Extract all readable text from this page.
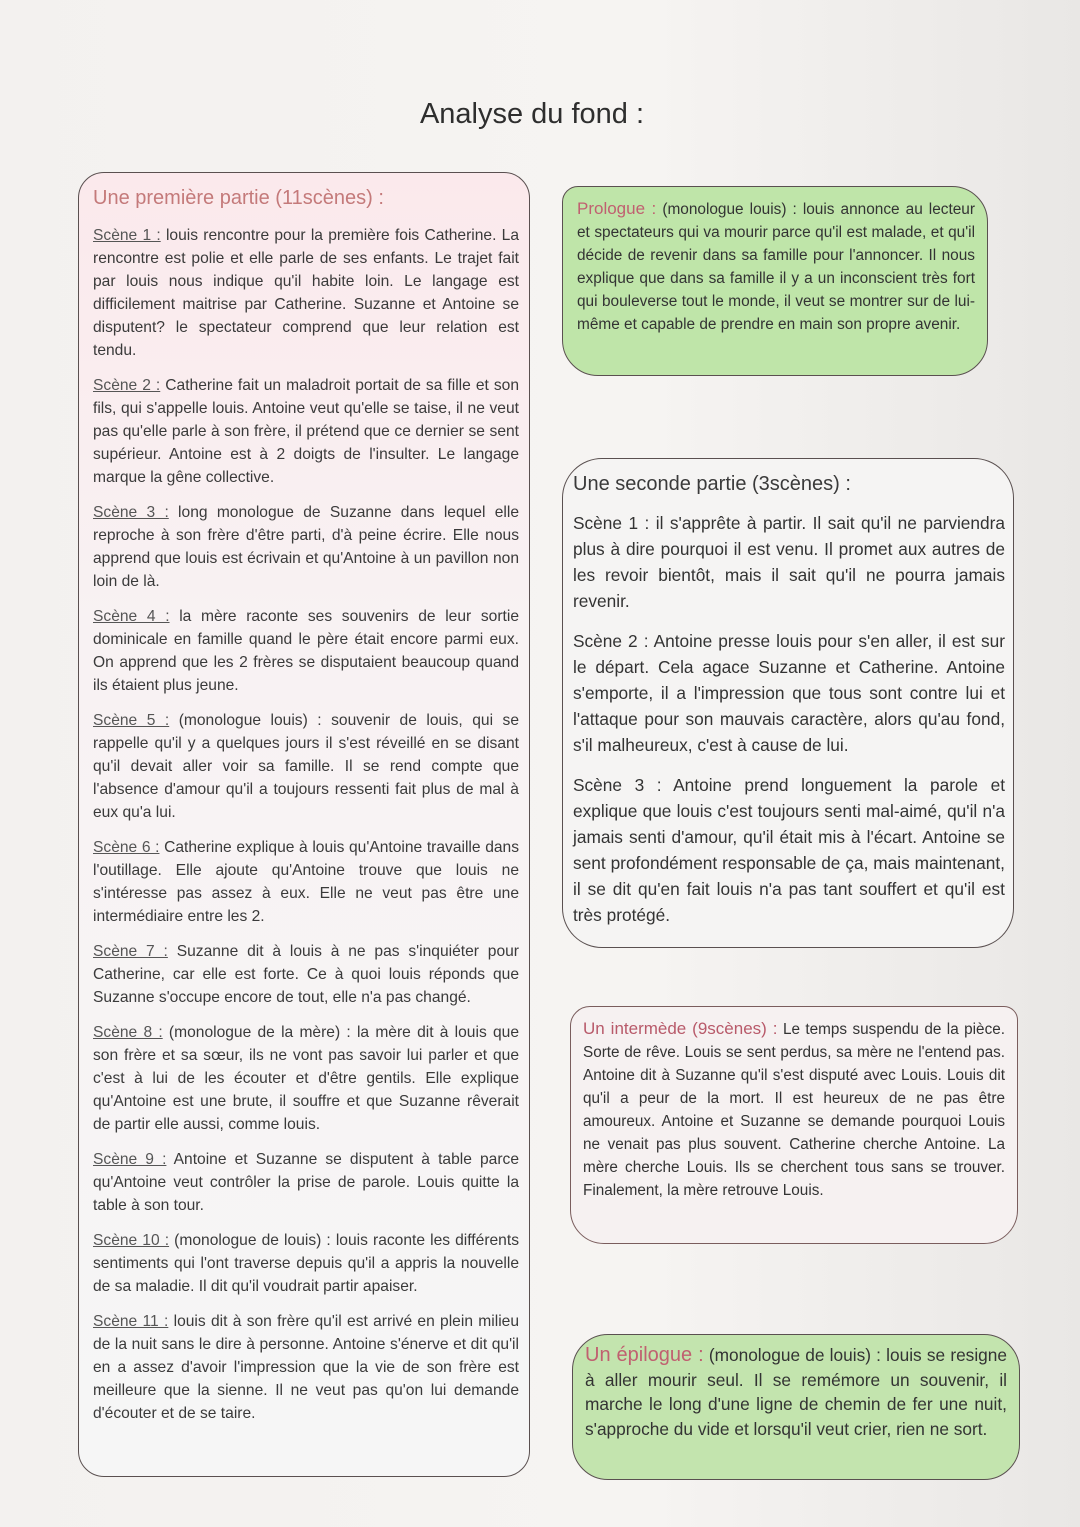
Analyse du fond :
Une première partie (11scènes) :

Scène 1 : louis rencontre pour la première fois Catherine. La rencontre est polie et elle parle de ses enfants. Le trajet fait par louis nous indique qu'il habite loin. Le langage est difficilement maitrise par Catherine. Suzanne et Antoine se disputent? le spectateur comprend que leur relation est tendu.

Scène 2 : Catherine fait un maladroit portait de sa fille et son fils, qui s'appelle louis. Antoine veut qu'elle se taise, il ne veut pas qu'elle parle à son frère, il prétend que ce dernier se sent supérieur. Antoine est à 2 doigts de l'insulter. Le langage marque la gêne collective.

Scène 3 : long monologue de Suzanne dans lequel elle reproche à son frère d'être parti, d'à peine écrire. Elle nous apprend que louis est écrivain et qu'Antoine à un pavillon non loin de là.

Scène 4 : la mère raconte ses souvenirs de leur sortie dominicale en famille quand le père était encore parmi eux. On apprend que les 2 frères se disputaient beaucoup quand ils étaient plus jeune.

Scène 5 : (monologue louis) : souvenir de louis, qui se rappelle qu'il y a quelques jours il s'est réveillé en se disant qu'il devait aller voir sa famille. Il se rend compte que l'absence d'amour qu'il a toujours ressenti fait plus de mal à eux qu'a lui.

Scène 6 : Catherine explique à louis qu'Antoine travaille dans l'outillage. Elle ajoute qu'Antoine trouve que louis ne s'intéresse pas assez à eux. Elle ne veut pas être une intermédiaire entre les 2.

Scène 7 : Suzanne dit à louis à ne pas s'inquiéter pour Catherine, car elle est forte. Ce à quoi louis réponds que Suzanne s'occupe encore de tout, elle n'a pas changé.

Scène 8 : (monologue de la mère) : la mère dit à louis que son frère et sa sœur, ils ne vont pas savoir lui parler et que c'est à lui de les écouter et d'être gentils. Elle explique qu'Antoine est une brute, il souffre et que Suzanne rêverait de partir elle aussi, comme louis.

Scène 9 : Antoine et Suzanne se disputent à table parce qu'Antoine veut contrôler la prise de parole. Louis quitte la table à son tour.

Scène 10 : (monologue de louis) : louis raconte les différents sentiments qui l'ont traverse depuis qu'il a appris la nouvelle de sa maladie. Il dit qu'il voudrait partir apaiser.

Scène 11 : louis dit à son frère qu'il est arrivé en plein milieu de la nuit sans le dire à personne. Antoine s'énerve et dit qu'il en a assez d'avoir l'impression que la vie de son frère est meilleure que la sienne. Il ne veut pas qu'on lui demande d'écouter et de se taire.

Prologue : (monologue louis) : louis annonce au lecteur et spectateurs qui va mourir parce qu'il est malade, et qu'il décide de revenir dans sa famille pour l'annoncer. Il nous explique que dans sa famille il y a un inconscient très fort qui bouleverse tout le monde, il veut se montrer sur de lui-même et capable de prendre en main son propre avenir.

Une seconde partie (3scènes) :

Scène 1 : il s'apprête à partir. Il sait qu'il ne parviendra plus à dire pourquoi il est venu. Il promet aux autres de les revoir bientôt, mais il sait qu'il ne pourra jamais revenir.

Scène 2 : Antoine presse louis pour s'en aller, il est sur le départ. Cela agace Suzanne et Catherine. Antoine s'emporte, il a l'impression que tous sont contre lui et l'attaque pour son mauvais caractère, alors qu'au fond, s'il malheureux, c'est à cause de lui.

Scène 3 : Antoine prend longuement la parole et explique que louis c'est toujours senti mal-aimé, qu'il n'a jamais senti d'amour, qu'il était mis à l'écart. Antoine se sent profondément responsable de ça, mais maintenant, il se dit qu'en fait louis n'a pas tant souffert et qu'il est très protégé.

Un intermède (9scènes) : Le temps suspendu de la pièce. Sorte de rêve. Louis se sent perdus, sa mère ne l'entend pas. Antoine dit à Suzanne qu'il s'est disputé avec Louis. Louis dit qu'il a peur de la mort. Il est heureux de ne pas être amoureux. Antoine et Suzanne se demande pourquoi Louis ne venait pas plus souvent. Catherine cherche Antoine. La mère cherche Louis. Ils se cherchent tous sans se trouver. Finalement, la mère retrouve Louis.

Un épilogue : (monologue de louis) : louis se resigne à aller mourir seul. Il se remémore un souvenir, il marche le long d'une ligne de chemin de fer une nuit, s'approche du vide et lorsqu'il veut crier, rien ne sort.
